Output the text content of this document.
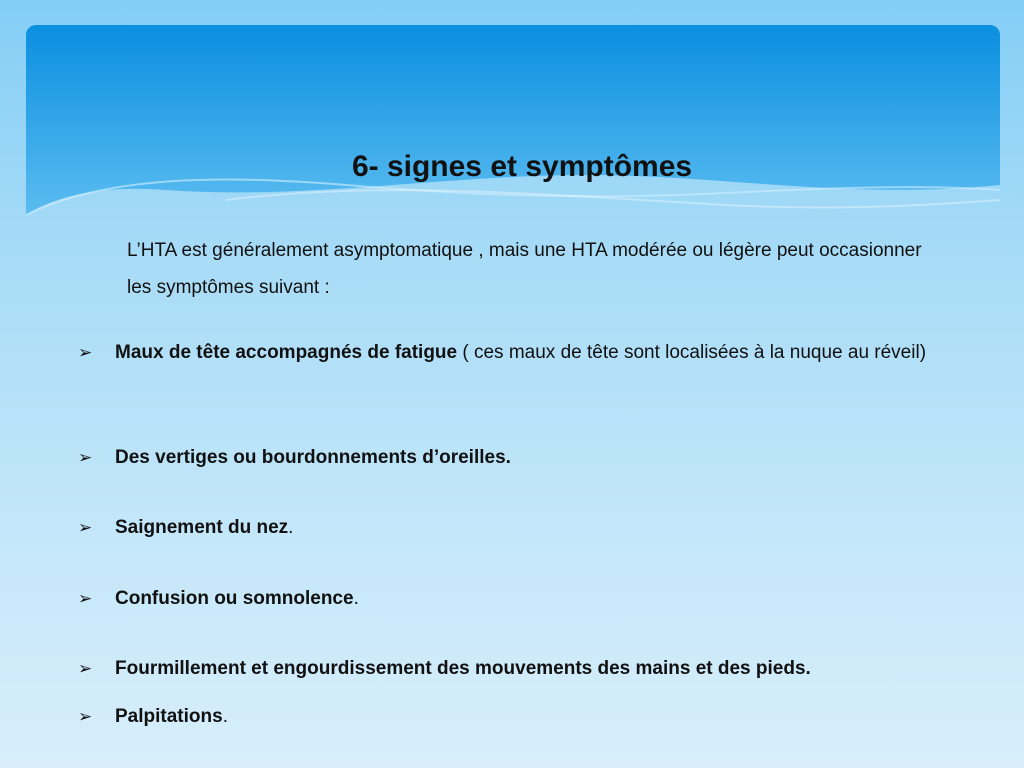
6- signes et symptômes
L’HTA est généralement asymptomatique , mais une HTA modérée ou légère peut occasionner les symptômes suivant :
➢	Maux de tête accompagnés de fatigue ( ces maux de tête sont localisées à la nuque au réveil)
➢	Des vertiges ou bourdonnements d’oreilles.
➢	Saignement du nez.
➢	Confusion ou somnolence.
➢	Fourmillement et engourdissement des mouvements des mains et des pieds.
➢	Palpitations.
